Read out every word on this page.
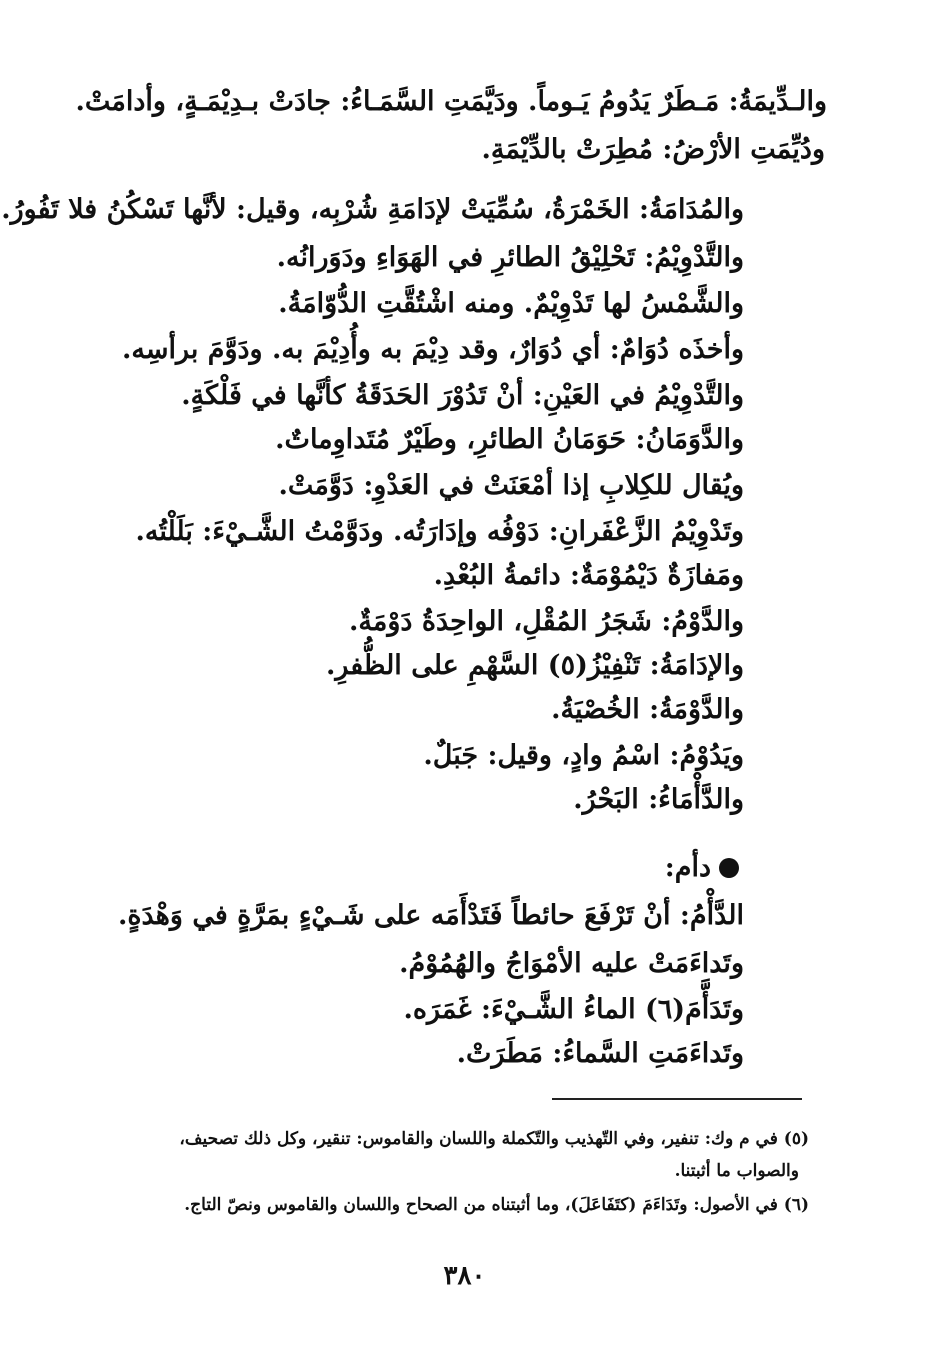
والـدِّيمَةُ: مَـطَرٌ يَدُومُ يَـوماً. ودَيَّمَتِ السَّمَـاءُ: جادَتْ بـدِيْمَـةٍ، وأدامَتْ.
ودُيِّمَتِ الأرْضُ: مُطِرَتْ بالدِّيْمَةِ.
والمُدَامَةُ: الخَمْرَةُ، سُمِّيَتْ لإدَامَةِ شُرْبِه، وقيل: لأنَّها تَسْكُنُ فلا تَفُورُ.
والتَّدْوِيْمُ: تَحْلِيْقُ الطائرِ في الهَوَاءِ ودَوَرانُه.
والشَّمْسُ لها تَدْوِيْمٌ. ومنه اشْتُقَّتِ الدُّوّامَةُ.
وأخذَه دُوَامٌ: أي دُوَارٌ، وقد دِيْمَ به وأُدِيْمَ به. ودَوَّمَ برأسِه.
والتَّدْوِيْمُ في العَيْنِ: أنْ تَدُوْرَ الحَدَقَةُ كأنَّها في فَلْكَةٍ.
والدَّوَمَانُ: حَوَمَانُ الطائرِ، وطَيْرٌ مُتَداوِماتٌ.
ويُقال للكِلابِ إذا أمْعَنَتْ في العَدْوِ: دَوَّمَتْ.
وتَدْوِيْمُ الزَّعْفَرانِ: دَوْفُه وإدَارَتُه. ودَوَّمْتُ الشَّـيْءَ: بَلَلْتُه.
ومَفازَةٌ دَيْمُوْمَةٌ: دائمةُ البُعْدِ.
والدَّوْمُ: شَجَرُ المُقْلِ، الواحِدَةُ دَوْمَةٌ.
والإدَامَةُ: تَنْفِيْزُ(٥) السَّهْمِ على الظُّفرِ.
والدَّوْمَةُ: الخُصْيَةُ.
ويَدُوْمُ: اسْمُ وادٍ، وقيل: جَبَلٌ.
والدَّأْمَاءُ: البَحْرُ.
دأم:
الدَّأْمُ: أنْ تَرْفَعَ حائطاً فَتَدْأَمَه على شَـيْءٍ بمَرَّةٍ في وَهْدَةٍ.
وتَداءَمَتْ عليه الأمْوَاجُ والهُمُوْمُ.
وتَدَأَّمَ(٦) الماءُ الشَّـيْءَ: غَمَرَه.
وتَداءَمَتِ السَّماءُ: مَطَرَتْ.
(٥) في م وك: تنفير، وفي التّهذيب والتّكملة واللسان والقاموس: تنقير، وكل ذلك تصحيف،
والصواب ما أثبتنا.
(٦) في الأصول: وتَدَاءَمَ (كتَفَاعَلَ)، وما أثبتناه من الصحاح واللسان والقاموس ونصّ التاج.
٣٨٠
